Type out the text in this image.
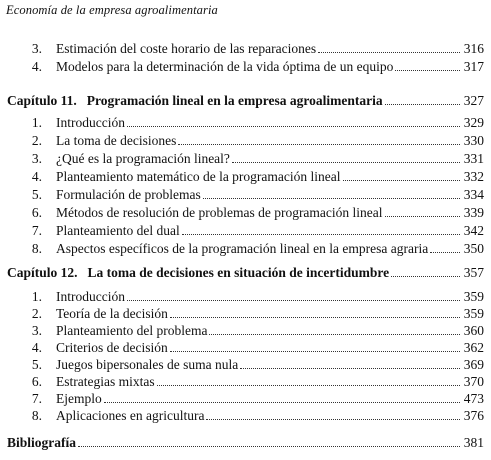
Economía de la empresa agroalimentaria
3. Estimación del coste horario de las reparaciones	316
4. Modelos para la determinación de la vida óptima de un equipo	317
Capítulo 11. Programación lineal en la empresa agroalimentaria	327
1. Introducción	329
2. La toma de decisiones	330
3. ¿Qué es la programación lineal?	331
4. Planteamiento matemático de la programación lineal	332
5. Formulación de problemas	334
6. Métodos de resolución de problemas de programación lineal	339
7. Planteamiento del dual	342
8. Aspectos específicos de la programación lineal en la empresa agraria	350
Capítulo 12. La toma de decisiones en situación de incertidumbre	357
1. Introducción	359
2. Teoría de la decisión	359
3. Planteamiento del problema	360
4. Criterios de decisión	362
5. Juegos bipersonales de suma nula	369
6. Estrategias mixtas	370
7. Ejemplo	473
8. Aplicaciones en agricultura	376
Bibliografía	381
